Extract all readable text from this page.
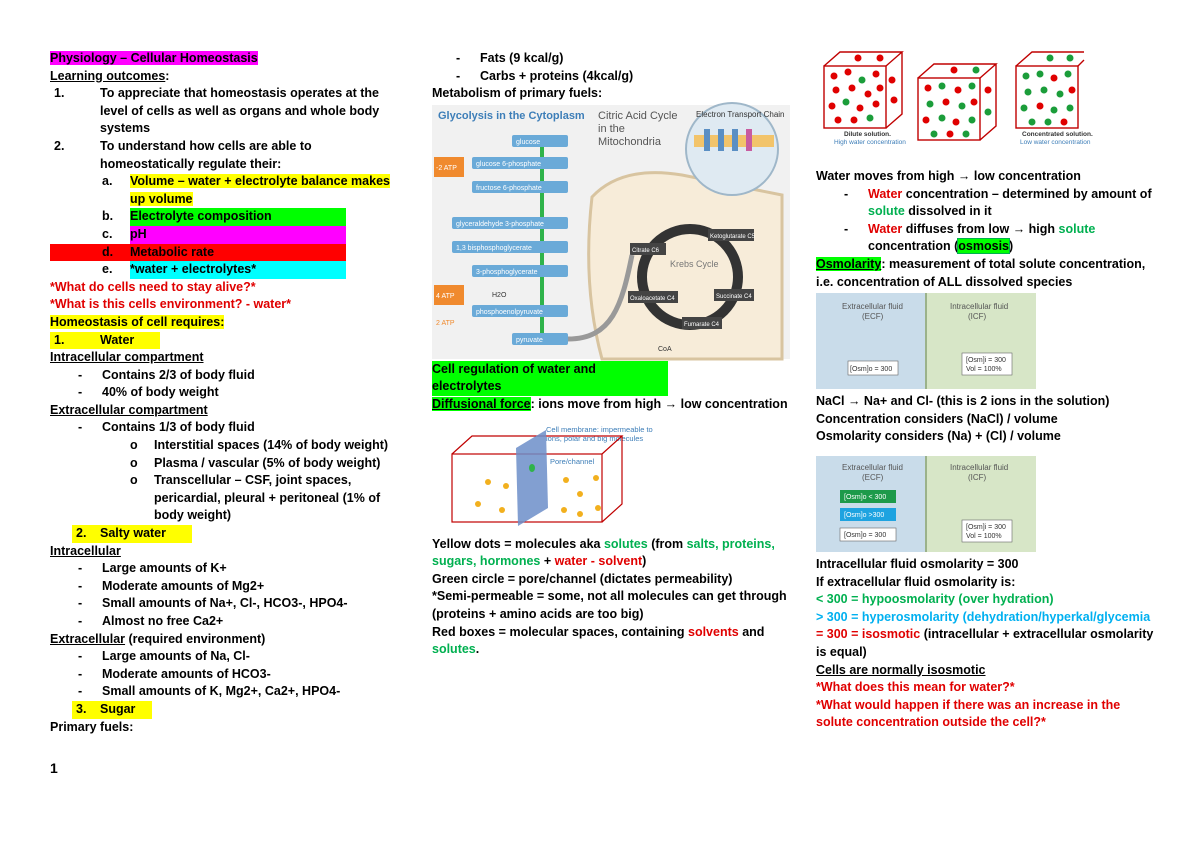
Physiology – Cellular Homeostasis

Learning outcomes:

1.	To appreciate that homeostasis operates at the level of cells as well as organs and whole body systems
2.	To understand how cells are able to homeostatically regulate their:
a.	Volume – water + electrolyte balance makes up volume
b.	Electrolyte composition
c.	pH
d.	Metabolic rate
e.	*water + electrolytes*

*What do cells need to stay alive?*

*What is this cells environment? - water*

Homeostasis of cell requires:

1.	Water

Intracellular compartment

-	Contains 2/3 of body fluid
-	40% of body weight

Extracellular compartment

-	Contains 1/3 of body fluid
o	Interstitial spaces (14% of body weight)
o	Plasma / vascular (5% of body weight)
o	Transcellular – CSF, joint spaces, pericardial, pleural + peritoneal (1% of body weight)
2.	Salty water

Intracellular

-	Large amounts of K+
-	Moderate amounts of Mg2+
-	Small amounts of Na+, Cl-, HCO3-, HPO4-
-	Almost no free Ca2+

Extracellular (required environment)

-	Large amounts of Na, Cl-
-	Moderate amounts of HCO3-
-	Small amounts of K, Mg2+, Ca2+, HPO4-
3.	Sugar

Primary fuels:

1
-	Fats (9 kcal/g)
-	Carbs + proteins (4kcal/g)

Metabolism of primary fuels:

Glycolysis in the Cytoplasm Citric Acid Cycle
in the
Mitochondria
Electron Transport Chain
glucose
glucose 6-phosphate
fructose 6-phosphate
glyceraldehyde 3-phosphate
1,3 bisphosphoglycerate
3-phosphoglycerate
phosphoenolpyruvate
pyruvate
-2 ATP
4 ATP
2 ATP
H2O
Krebs Cycle
Citrate C6
Ketoglutarate C5
Oxaloacetate C4	Succinate C4
Fumarate C4
CoA

Cell regulation of water and electrolytes

Diffusional force: ions move from high → low concentration

Cell membrane: impermeable to
ions, polar and big molecules
Pore/channel

Yellow dots = molecules aka solutes (from salts, proteins, sugars, hormones + water - solvent)

Green circle = pore/channel (dictates permeability)

*Semi-permeable = some, not all molecules can get through (proteins + amino acids are too big)

Red boxes = molecular spaces, containing solvents and solutes.

Dilute solution.
High water concentration
Concentrated solution.
Low water concentration

Water moves from high → low concentration

-	Water concentration – determined by amount of solute dissolved in it
-	Water diffuses from low → high solute concentration (osmosis)

Osmolarity: measurement of total solute concentration, i.e. concentration of ALL dissolved species

Extracellular fluid
(ECF)
Intracellular fluid
(ICF)
[Osm]o = 300
[Osm]i = 300
Vol = 100%

NaCl → Na+ and Cl- (this is 2 ions in the solution)

Concentration considers (NaCl) / volume

Osmolarity considers (Na) + (Cl) / volume

Extracellular fluid
(ECF)
Intracellular fluid
(ICF)
[Osm]o < 300
[Osm]o >300
[Osm]o = 300
[Osm]i = 300
Vol = 100%

Intracellular fluid osmolarity = 300

If extracellular fluid osmolarity is:

< 300 = hypoosmolarity (over hydration)

> 300 = hyperosmolarity (dehydration/hyperkal/glycemia

= 300 = isosmotic (intracellular + extracellular osmolarity is equal)

Cells are normally isosmotic

*What does this mean for water?*

*What would happen if there was an increase in the solute concentration outside the cell?*
